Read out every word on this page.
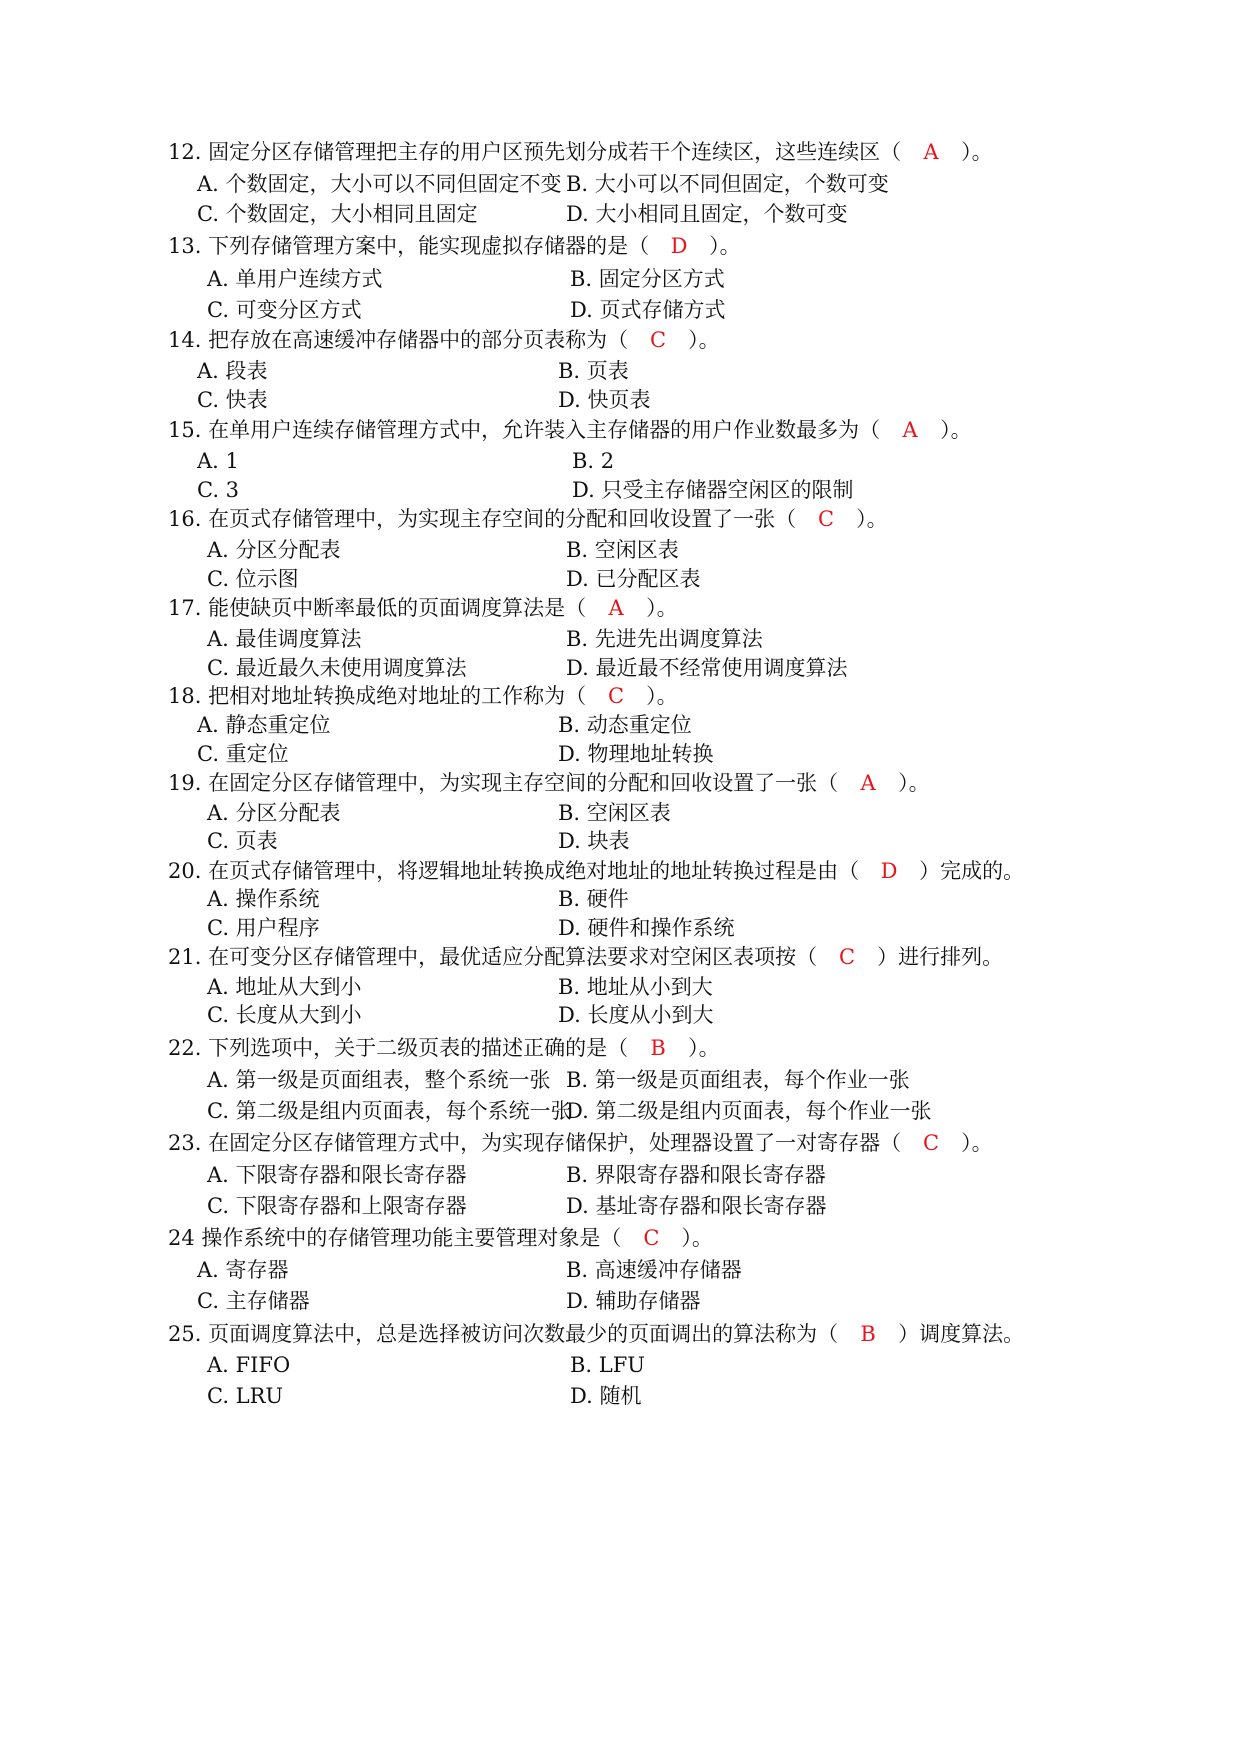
12. 固定分区存储管理把主存的用户区预先划分成若干个连续区，这些连续区（ A ）。
A. 个数固定，大小可以不同但固定不变 B. 大小可以不同但固定，个数可变
C. 个数固定，大小相同且固定	D. 大小相同且固定，个数可变
13. 下列存储管理方案中，能实现虚拟存储器的是（ D ）。
A. 单用户连续方式	B. 固定分区方式
C. 可变分区方式	D. 页式存储方式
14. 把存放在高速缓冲存储器中的部分页表称为（ C ）。
A. 段表	B. 页表
C. 快表	D. 快页表
15. 在单用户连续存储管理方式中，允许装入主存储器的用户作业数最多为（ A ）。
A. 1	B. 2
C. 3	D. 只受主存储器空闲区的限制
16. 在页式存储管理中，为实现主存空间的分配和回收设置了一张（ C ）。
A. 分区分配表	B. 空闲区表
C. 位示图	D. 已分配区表
17. 能使缺页中断率最低的页面调度算法是（ A ）。
A. 最佳调度算法	B. 先进先出调度算法
C. 最近最久未使用调度算法	D. 最近最不经常使用调度算法
18. 把相对地址转换成绝对地址的工作称为（ C ）。
A. 静态重定位	B. 动态重定位
C. 重定位	D. 物理地址转换
19. 在固定分区存储管理中，为实现主存空间的分配和回收设置了一张（ A ）。
A. 分区分配表	B. 空闲区表
C. 页表	D. 块表
20. 在页式存储管理中，将逻辑地址转换成绝对地址的地址转换过程是由（ D ）完成的。
A. 操作系统	B. 硬件
C. 用户程序	D. 硬件和操作系统
21. 在可变分区存储管理中，最优适应分配算法要求对空闲区表项按（ C ）进行排列。
A. 地址从大到小	B. 地址从小到大
C. 长度从大到小	D. 长度从小到大
22. 下列选项中，关于二级页表的描述正确的是（ B ）。
A. 第一级是页面组表，整个系统一张 B. 第一级是页面组表，每个作业一张
C. 第二级是组内页面表，每个系统一张
D. 第二级是组内页面表，每个作业一张
23. 在固定分区存储管理方式中，为实现存储保护，处理器设置了一对寄存器（ C ）。
A. 下限寄存器和限长寄存器	B. 界限寄存器和限长寄存器
C. 下限寄存器和上限寄存器	D. 基址寄存器和限长寄存器
24 操作系统中的存储管理功能主要管理对象是（ C ）。
A. 寄存器	B. 高速缓冲存储器
C. 主存储器	D. 辅助存储器
25. 页面调度算法中，总是选择被访问次数最少的页面调出的算法称为（ B ）调度算法。
A. FIFO	B. LFU
C. LRU	D. 随机
